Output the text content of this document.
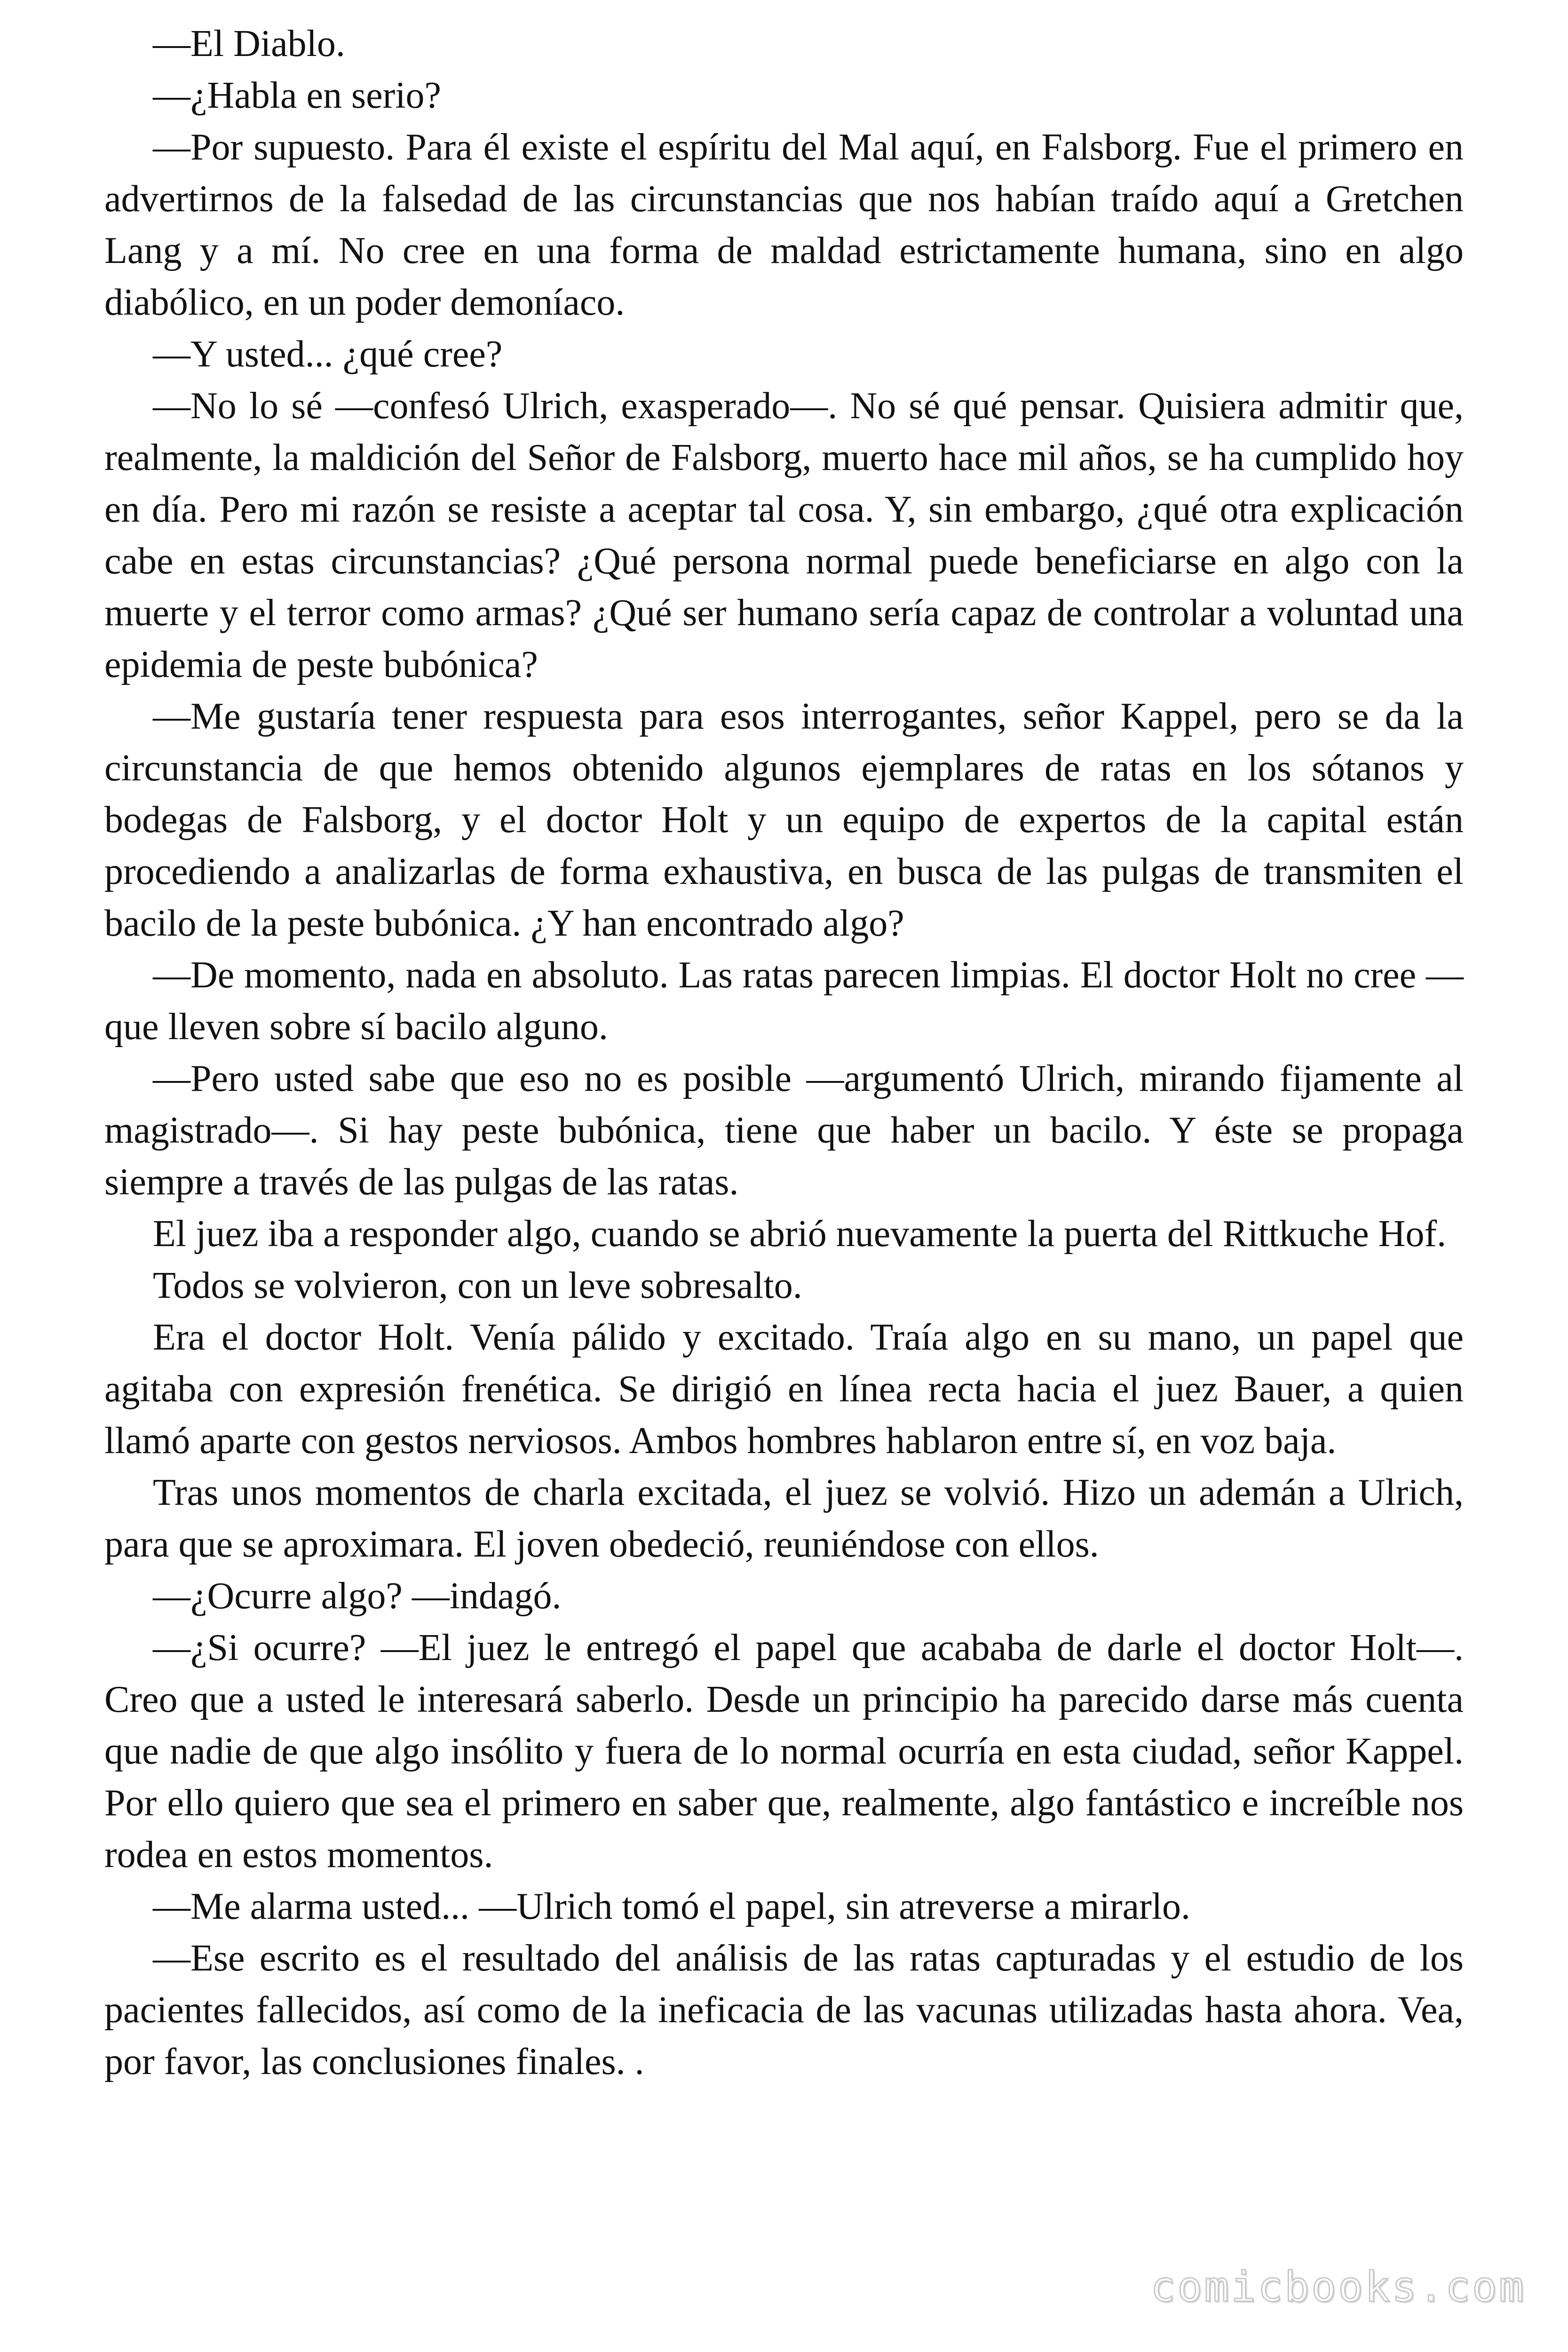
—El Diablo.

—¿Habla en serio?

—Por supuesto. Para él existe el espíritu del Mal aquí, en Falsborg. Fue el primero en advertirnos de la falsedad de las circunstancias que nos habían traído aquí a Gretchen Lang y a mí. No cree en una forma de maldad estrictamente humana, sino en algo diabólico, en un poder demoníaco.

—Y usted... ¿qué cree?

—No lo sé —confesó Ulrich, exasperado—. No sé qué pensar. Quisiera admitir que, realmente, la maldición del Señor de Falsborg, muerto hace mil años, se ha cumplido hoy en día. Pero mi razón se resiste a aceptar tal cosa. Y, sin embargo, ¿qué otra explicación cabe en estas circunstancias? ¿Qué persona normal puede beneficiarse en algo con la muerte y el terror como armas? ¿Qué ser humano sería capaz de controlar a voluntad una epidemia de peste bubónica?

—Me gustaría tener respuesta para esos interrogantes, señor Kappel, pero se da la circunstancia de que hemos obtenido algunos ejemplares de ratas en los sótanos y bodegas de Falsborg, y el doctor Holt y un equipo de expertos de la capital están procediendo a analizarlas de forma exhaustiva, en busca de las pulgas de transmiten el bacilo de la peste bubónica. ¿Y han encontrado algo?

—De momento, nada en absoluto. Las ratas parecen limpias. El doctor Holt no cree — que lleven sobre sí bacilo alguno.

—Pero usted sabe que eso no es posible —argumentó Ulrich, mirando fijamente al magistrado—. Si hay peste bubónica, tiene que haber un bacilo. Y éste se propaga siempre a través de las pulgas de las ratas.

El juez iba a responder algo, cuando se abrió nuevamente la puerta del Rittkuche Hof.

Todos se volvieron, con un leve sobresalto.

Era el doctor Holt. Venía pálido y excitado. Traía algo en su mano, un papel que agitaba con expresión frenética. Se dirigió en línea recta hacia el juez Bauer, a quien llamó aparte con gestos nerviosos. Ambos hombres hablaron entre sí, en voz baja.

Tras unos momentos de charla excitada, el juez se volvió. Hizo un ademán a Ulrich, para que se aproximara. El joven obedeció, reuniéndose con ellos.

—¿Ocurre algo? —indagó.

—¿Si ocurre? —El juez le entregó el papel que acababa de darle el doctor Holt—. Creo que a usted le interesará saberlo. Desde un principio ha parecido darse más cuenta que nadie de que algo insólito y fuera de lo normal ocurría en esta ciudad, señor Kappel. Por ello quiero que sea el primero en saber que, realmente, algo fantástico e increíble nos rodea en estos momentos.

—Me alarma usted... —Ulrich tomó el papel, sin atreverse a mirarlo.

—Ese escrito es el resultado del análisis de las ratas capturadas y el estudio de los pacientes fallecidos, así como de la ineficacia de las vacunas utilizadas hasta ahora. Vea, por favor, las conclusiones finales. .

comicbooks.com
